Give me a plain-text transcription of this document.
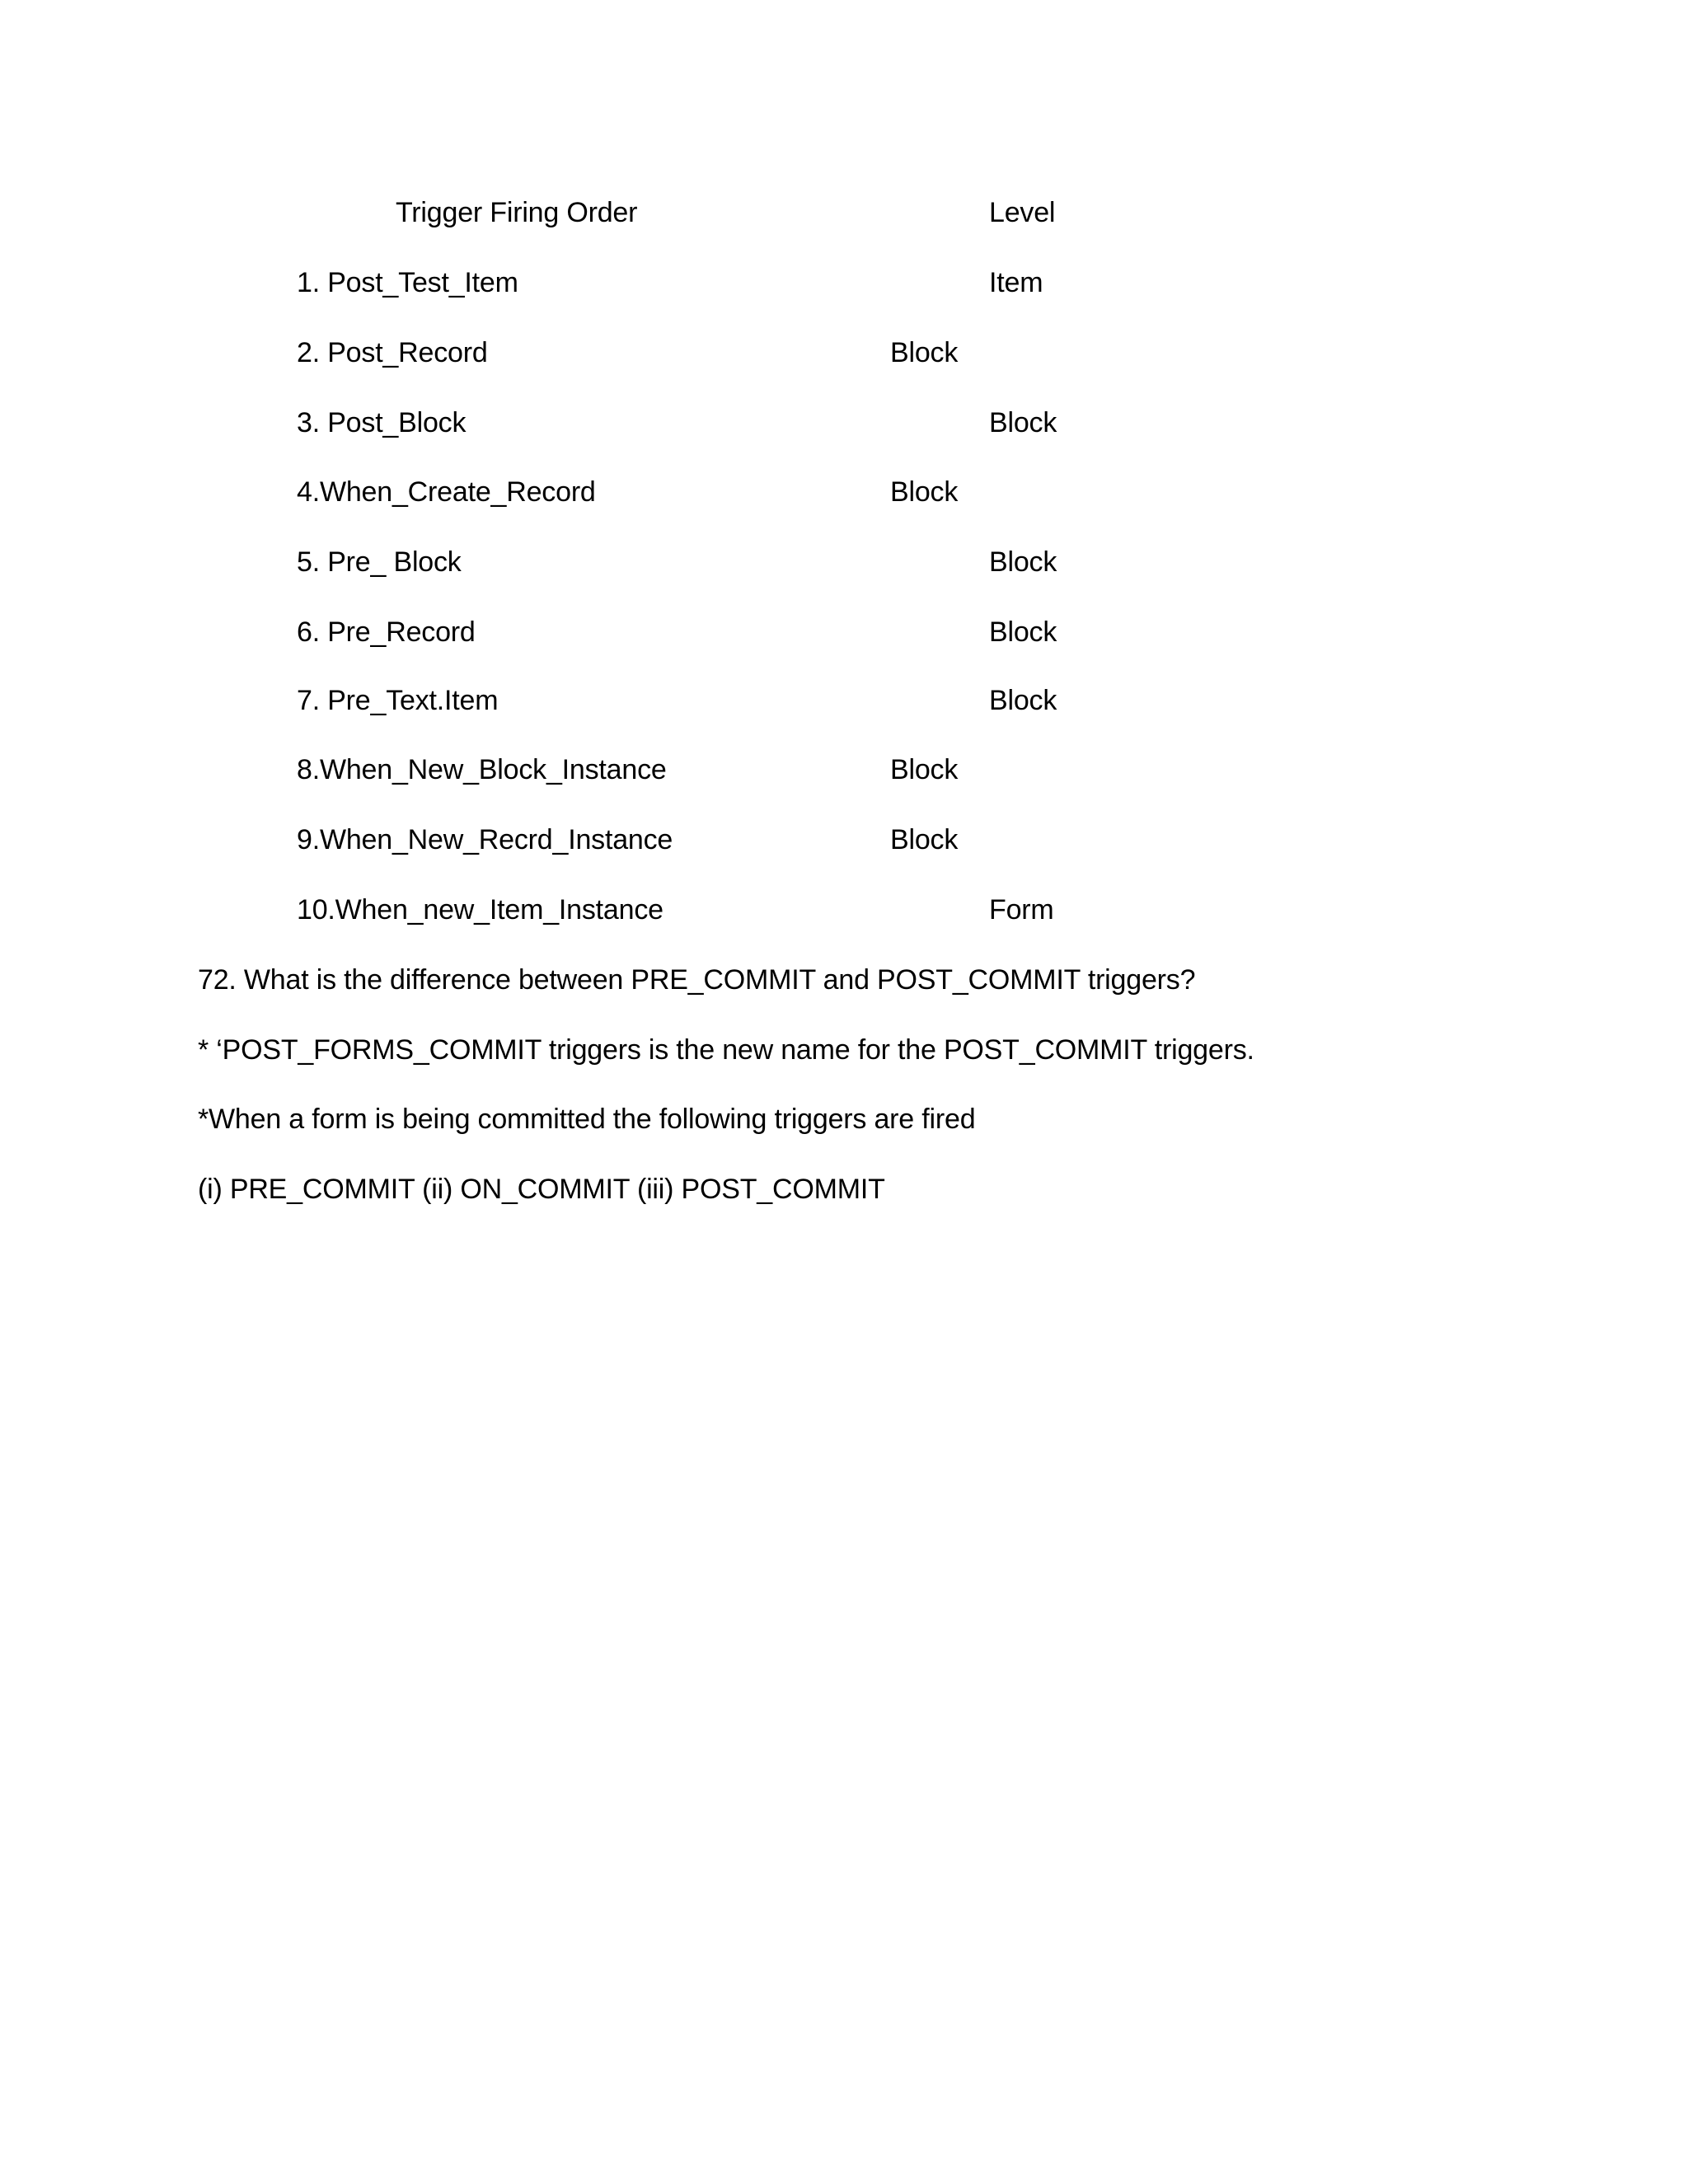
Trigger Firing Order	Level
1. Post_Test_Item	Item
2. Post_Record	Block
3. Post_Block	Block
4.When_Create_Record	Block
5. Pre_ Block	Block
6. Pre_Record	Block
7. Pre_Text.Item	Block
8.When_New_Block_Instance	Block
9.When_New_Recrd_Instance	Block
10.When_new_Item_Instance	Form
72. What is the difference between PRE_COMMIT and POST_COMMIT triggers?
* ‘POST_FORMS_COMMIT triggers is the new name for the POST_COMMIT triggers.
*When a form is being committed the following triggers are fired
(i) PRE_COMMIT (ii) ON_COMMIT (iii) POST_COMMIT
